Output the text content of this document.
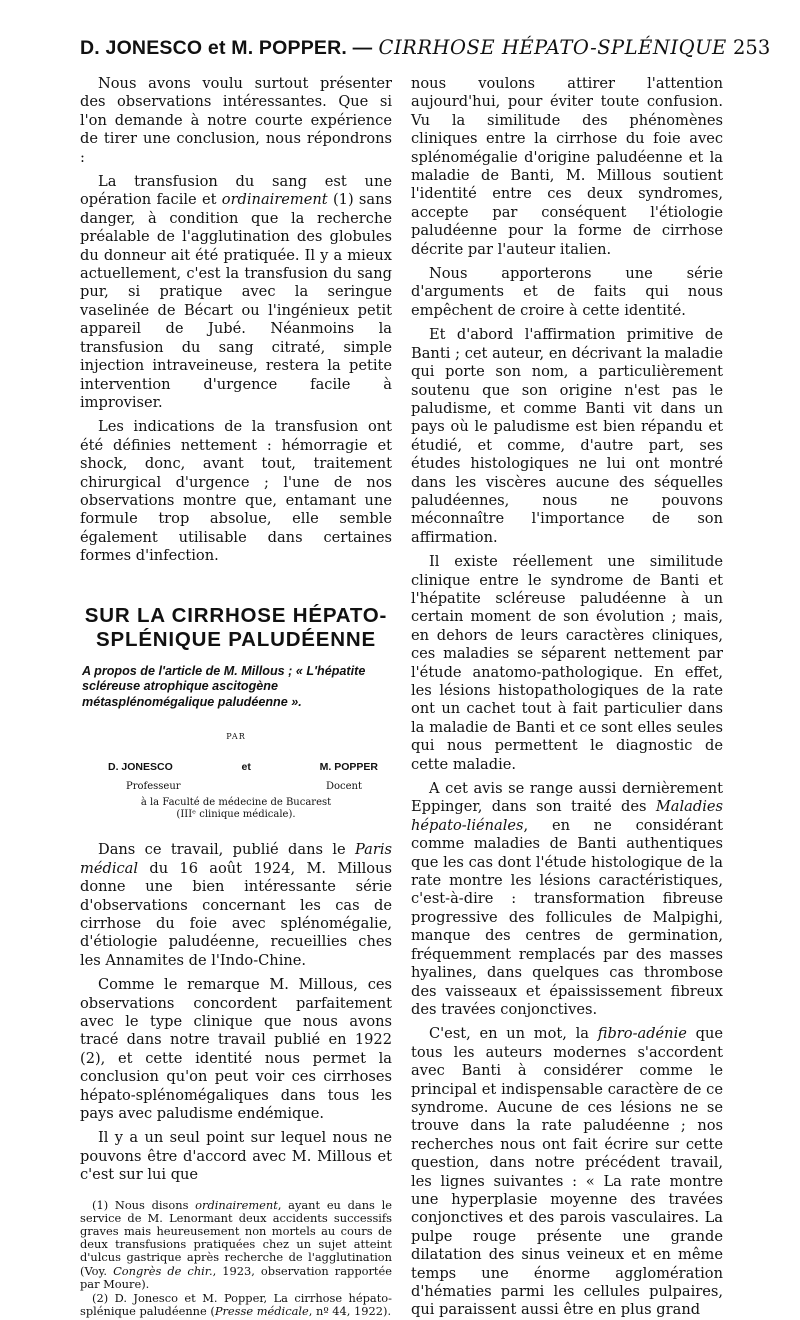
D. JONESCO et M. POPPER. — CIRRHOSE HÉPATO-SPLÉNIQUE 253

Nous avons voulu surtout présenter des observations intéressantes. Que si l'on demande à notre courte expérience de tirer une conclusion, nous répondrons :

La transfusion du sang est une opération facile et ordinairement (1) sans danger, à condition que la recherche préalable de l'agglutination des globules du donneur ait été pratiquée. Il y a mieux actuellement, c'est la transfusion du sang pur, si pratique avec la seringue vaselinée de Bécart ou l'ingénieux petit appareil de Jubé. Néanmoins la transfusion du sang citraté, simple injection intraveineuse, restera la petite intervention d'urgence facile à improviser.

Les indications de la transfusion ont été définies nettement : hémorragie et shock, donc, avant tout, traitement chirurgical d'urgence ; l'une de nos observations montre que, entamant une formule trop absolue, elle semble également utilisable dans certaines formes d'infection.

SUR LA CIRRHOSE HÉPATO-
SPLÉNIQUE PALUDÉENNE
A propos de l'article de M. Millous ; « L'hépatite scléreuse atrophique ascitogène métasplénomégalique paludéenne ».
PAR
D. JONESCO	et	M. POPPER
Professeur	Docent
à la Faculté de médecine de Bucarest
(IIIᵉ clinique médicale).

Dans ce travail, publié dans le Paris médical du 16 août 1924, M. Millous donne une bien intéressante série d'observations concernant les cas de cirrhose du foie avec splénomégalie, d'étiologie paludéenne, recueillies ches les Annamites de l'Indo-Chine.

Comme le remarque M. Millous, ces observations concordent parfaitement avec le type clinique que nous avons tracé dans notre travail publié en 1922 (2), et cette identité nous permet la conclusion qu'on peut voir ces cirrhoses hépato-splénomégaliques dans tous les pays avec paludisme endémique.

Il y a un seul point sur lequel nous ne pouvons être d'accord avec M. Millous et c'est sur lui que

(1) Nous disons ordinairement, ayant eu dans le service de M. Lenormant deux accidents successifs graves mais heureusement non mortels au cours de deux transfusions pratiquées chez un sujet atteint d'ulcus gastrique après recherche de l'agglutination (Voy. Congrès de chir., 1923, observation rapportée par Moure).

(2) D. Jonesco et M. Popper, La cirrhose hépato-splénique paludéenne (Presse médicale, nº 44, 1922).

nous voulons attirer l'attention aujourd'hui, pour éviter toute confusion. Vu la similitude des phénomènes cliniques entre la cirrhose du foie avec splénomégalie d'origine paludéenne et la maladie de Banti, M. Millous soutient l'identité entre ces deux syndromes, accepte par conséquent l'étiologie paludéenne pour la forme de cirrhose décrite par l'auteur italien.

Nous apporterons une série d'arguments et de faits qui nous empêchent de croire à cette identité.

Et d'abord l'affirmation primitive de Banti ; cet auteur, en décrivant la maladie qui porte son nom, a particulièrement soutenu que son origine n'est pas le paludisme, et comme Banti vit dans un pays où le paludisme est bien répandu et étudié, et comme, d'autre part, ses études histologiques ne lui ont montré dans les viscères aucune des séquelles paludéennes, nous ne pouvons méconnaître l'importance de son affirmation.

Il existe réellement une similitude clinique entre le syndrome de Banti et l'hépatite scléreuse paludéenne à un certain moment de son évolution ; mais, en dehors de leurs caractères cliniques, ces maladies se séparent nettement par l'étude anatomo-pathologique. En effet, les lésions histopathologiques de la rate ont un cachet tout à fait particulier dans la maladie de Banti et ce sont elles seules qui nous permettent le diagnostic de cette maladie.

A cet avis se range aussi dernièrement Eppinger, dans son traité des Maladies hépato-liénales, en ne considérant comme maladies de Banti authentiques que les cas dont l'étude histologique de la rate montre les lésions caractéristiques, c'est-à-dire : transformation fibreuse progressive des follicules de Malpighi, manque des centres de germination, fréquemment remplacés par des masses hyalines, dans quelques cas thrombose des vaisseaux et épaississement fibreux des travées conjonctives.

C'est, en un mot, la fibro-adénie que tous les auteurs modernes s'accordent avec Banti à considérer comme le principal et indispensable caractère de ce syndrome. Aucune de ces lésions ne se trouve dans la rate paludéenne ; nos recherches nous ont fait écrire sur cette question, dans notre précédent travail, les lignes suivantes : « La rate montre une hyperplasie moyenne des travées conjonctives et des parois vasculaires. La pulpe rouge présente une grande dilatation des sinus veineux et en même temps une énorme agglomération d'hématies parmi les cellules pulpaires, qui paraissent aussi être en plus grand
